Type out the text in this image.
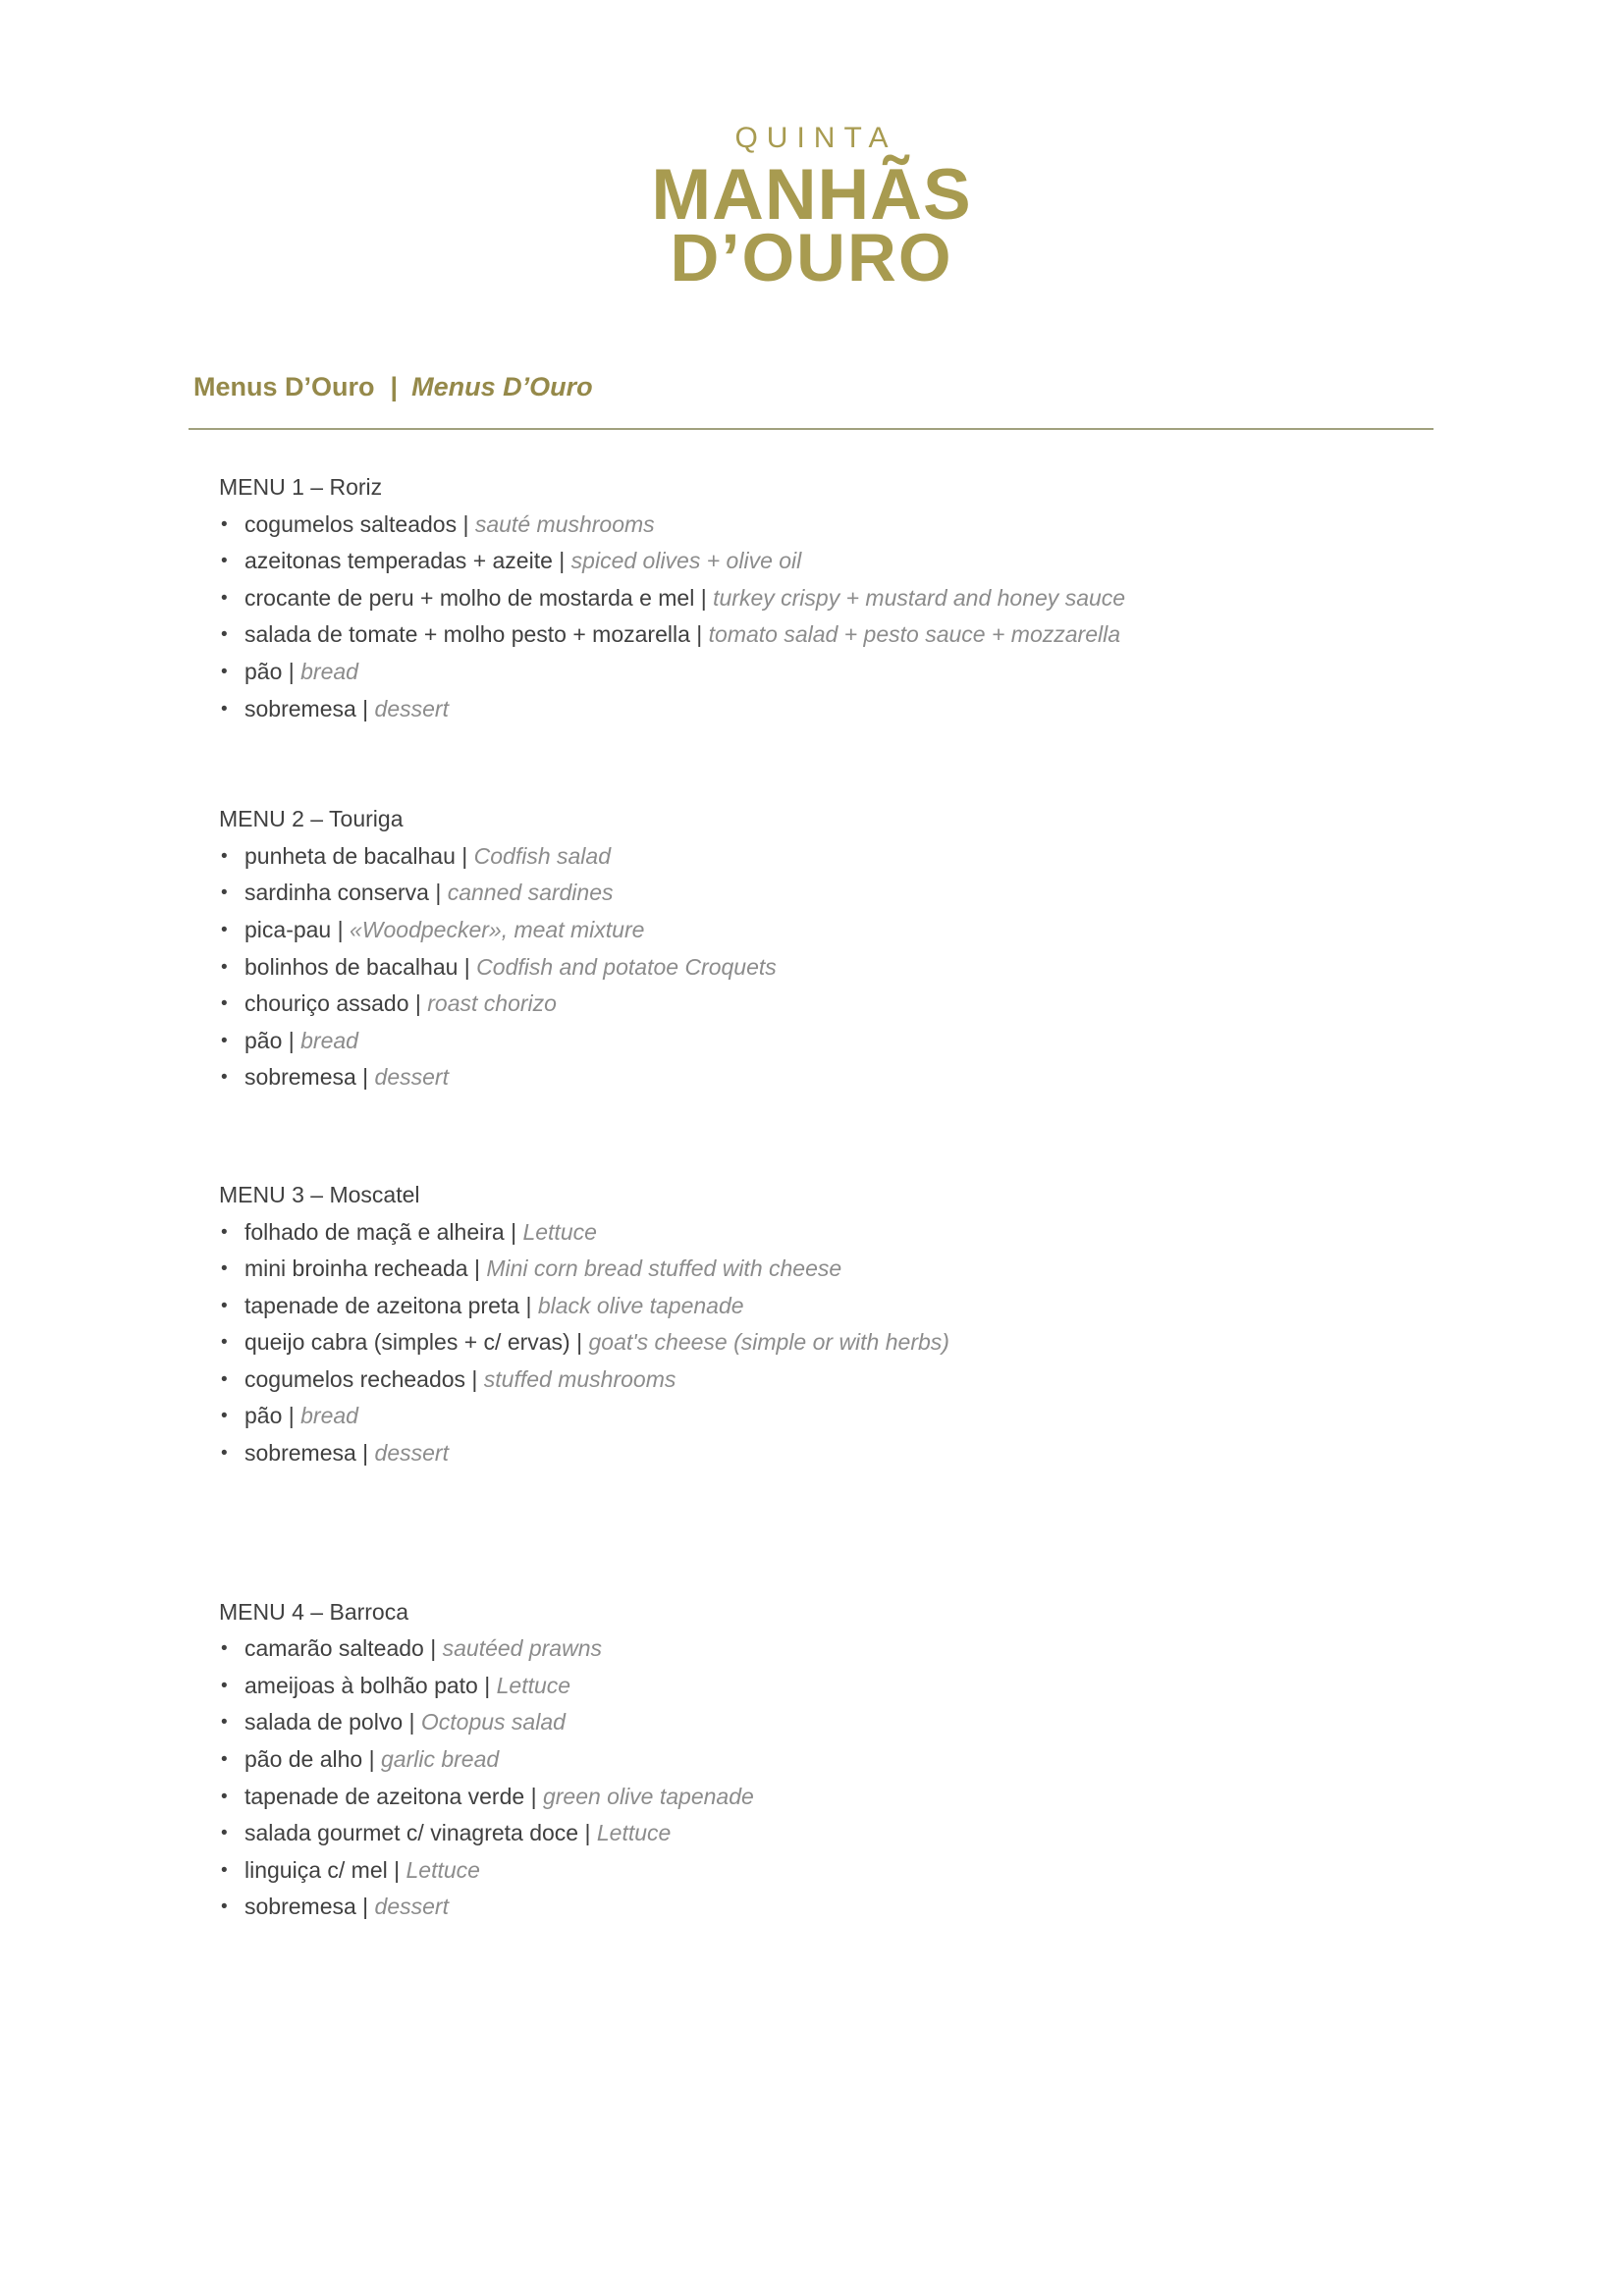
QUINTA
MANHÃS
D’OURO
Menus D’Ouro | Menus D’Ouro
MENU 1 – Roriz
• cogumelos salteados | sauté mushrooms
• azeitonas temperadas + azeite | spiced olives + olive oil
• crocante de peru + molho de mostarda e mel | turkey crispy + mustard and honey sauce
• salada de tomate + molho pesto + mozarella | tomato salad + pesto sauce + mozzarella
• pão | bread
• sobremesa | dessert
MENU 2 – Touriga
• punheta de bacalhau | Codfish salad
• sardinha conserva | canned sardines
• pica-pau | «Woodpecker», meat mixture
• bolinhos de bacalhau | Codfish and potatoe Croquets
• chouriço assado | roast chorizo
• pão | bread
• sobremesa | dessert
MENU 3 – Moscatel
• folhado de maçã e alheira | Lettuce
• mini broinha recheada | Mini corn bread stuffed with cheese
• tapenade de azeitona preta | black olive tapenade
• queijo cabra (simples + c/ ervas) | goat's cheese (simple or with herbs)
• cogumelos recheados | stuffed mushrooms
• pão | bread
• sobremesa | dessert
MENU 4 – Barroca
• camarão salteado | sautéed prawns
• ameijoas à bolhão pato | Lettuce
• salada de polvo | Octopus salad
• pão de alho | garlic bread
• tapenade de azeitona verde | green olive tapenade
• salada gourmet c/ vinagreta doce | Lettuce
• linguiça c/ mel | Lettuce
• sobremesa | dessert
